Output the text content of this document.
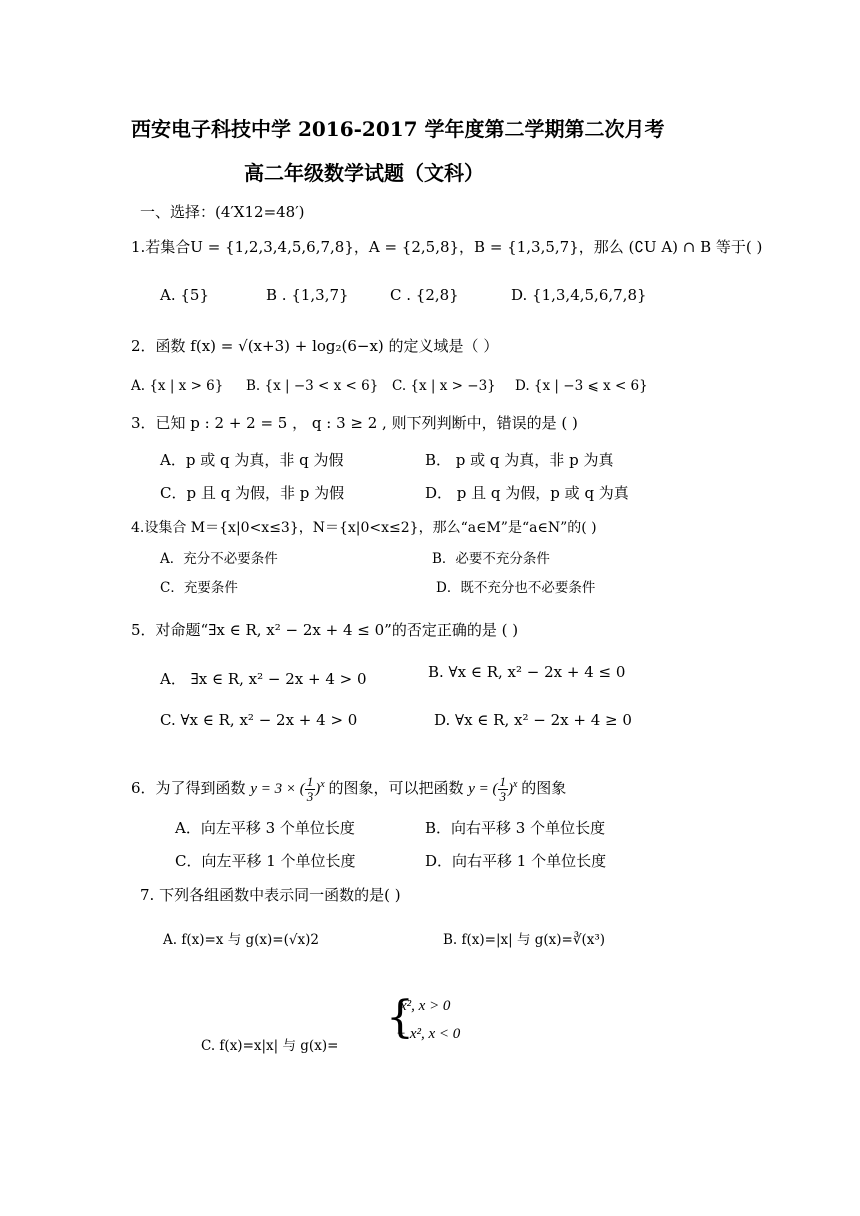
西安电子科技中学 2016-2017 学年度第二学期第二次月考
高二年级数学试题（文科）
一、选择：(4′X12=48′)
1.若集合U = {1,2,3,4,5,6,7,8}，A = {2,5,8}，B = {1,3,5,7}，那么 (∁U A) ∩ B 等于( )
A. {5}	B . {1,3,7}	C . {2,8}	D. {1,3,4,5,6,7,8}
2．函数 f(x) = √(x+3) + log₂(6−x) 的定义域是（ ）
A. {x | x > 6} B. {x | −3 < x < 6} C. {x | x > −3} D. {x | −3 ⩽ x < 6}
3．已知 p : 2 + 2 = 5 ， q : 3 ≥ 2 , 则下列判断中，错误的是 ( )
A．p 或 q 为真，非 q 为假	B． p 或 q 为真，非 p 为真
C．p 且 q 为假，非 p 为假	D． p 且 q 为假，p 或 q 为真
4.设集合 M＝{x|0<x≤3}，N＝{x|0<x≤2}，那么“a∈M”是“a∈N”的( )
A．充分不必要条件	B．必要不充分条件
C．充要条件	D．既不充分也不必要条件
5．对命题“∃x ∈ R, x² − 2x + 4 ≤ 0”的否定正确的是 ( )
A． ∃x ∈ R, x² − 2x + 4 > 0	B. ∀x ∈ R, x² − 2x + 4 ≤ 0
C. ∀x ∈ R, x² − 2x + 4 > 0	D. ∀x ∈ R, x² − 2x + 4 ≥ 0
6．为了得到函数 y = 3 × ( $\frac{1}{3} )^x$ 的图象，可以把函数 y = ( $\frac{1}{3} )^x$ 的图象
A．向左平移 3 个单位长度	B．向右平移 3 个单位长度
C．向左平移 1 个单位长度	D．向右平移 1 个单位长度
7. 下列各组函数中表示同一函数的是( )
A. f(x)=x 与 g(x)=(√x)2	B. f(x)=|x| 与 g(x)=∛(x³)
C. f(x)=x|x| 与 g(x)=
{
x², x > 0
− x², x < 0
